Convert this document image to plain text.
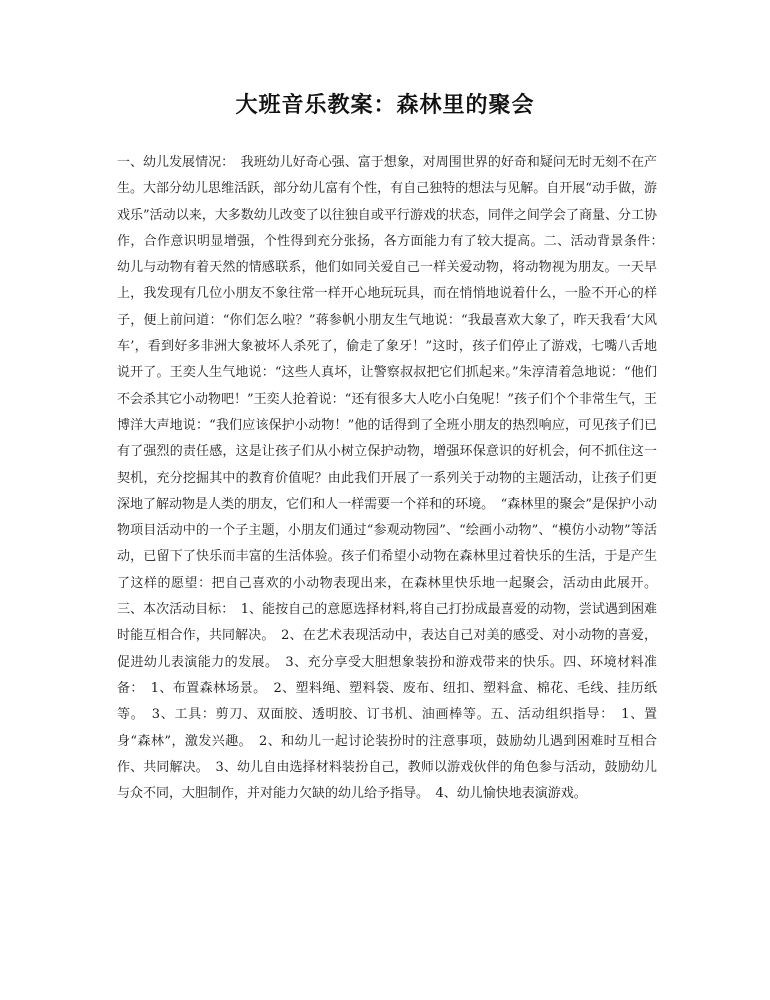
大班音乐教案：森林里的聚会

一、幼儿发展情况：　我班幼儿好奇心强、富于想象，对周围世界的好奇和疑问无时无刻不在产生。大部分幼儿思维活跃，部分幼儿富有个性，有自己独特的想法与见解。自开展“动手做，游戏乐”活动以来，大多数幼儿改变了以往独自或平行游戏的状态，同伴之间学会了商量、分工协作，合作意识明显增强，个性得到充分张扬，各方面能力有了较大提高。二、活动背景条件：　幼儿与动物有着天然的情感联系，他们如同关爱自己一样关爱动物，将动物视为朋友。一天早上，我发现有几位小朋友不象往常一样开心地玩玩具，而在悄悄地说着什么，一脸不开心的样子，便上前问道：“你们怎么啦？”蒋参帆小朋友生气地说：“我最喜欢大象了，昨天我看‘大风车’，看到好多非洲大象被坏人杀死了，偷走了象牙！”这时，孩子们停止了游戏，七嘴八舌地说开了。王奕人生气地说：“这些人真坏，让警察叔叔把它们抓起来。”朱淳清着急地说：“他们不会杀其它小动物吧！”王奕人抢着说：“还有很多大人吃小白兔呢！”孩子们个个非常生气，王博洋大声地说：“我们应该保护小动物！”他的话得到了全班小朋友的热烈响应，可见孩子们已有了强烈的责任感，这是让孩子们从小树立保护动物，增强环保意识的好机会，何不抓住这一契机，充分挖掘其中的教育价值呢？由此我们开展了一系列关于动物的主题活动，让孩子们更深地了解动物是人类的朋友，它们和人一样需要一个祥和的环境。　“森林里的聚会”是保护小动物项目活动中的一个子主题，小朋友们通过“参观动物园”、“绘画小动物”、“模仿小动物”等活动，已留下了快乐而丰富的生活体验。孩子们希望小动物在森林里过着快乐的生活，于是产生了这样的愿望：把自己喜欢的小动物表现出来，在森林里快乐地一起聚会，活动由此展开。三、本次活动目标：　1、能按自己的意愿选择材料,将自己打扮成最喜爱的动物，尝试遇到困难时能互相合作，共同解决。　2、在艺术表现活动中，表达自己对美的感受、对小动物的喜爱，促进幼儿表演能力的发展。　3、充分享受大胆想象装扮和游戏带来的快乐。四、环境材料准备：　1、布置森林场景。　2、塑料绳、塑料袋、废布、纽扣、塑料盒、棉花、毛线、挂历纸等。　3、工具：剪刀、双面胶、透明胶、订书机、油画棒等。五、活动组织指导：　1、置身“森林”，激发兴趣。　2、和幼儿一起讨论装扮时的注意事项，鼓励幼儿遇到困难时互相合作、共同解决。　3、幼儿自由选择材料装扮自己，教师以游戏伙伴的角色参与活动，鼓励幼儿与众不同，大胆制作，并对能力欠缺的幼儿给予指导。　4、幼儿愉快地表演游戏。
